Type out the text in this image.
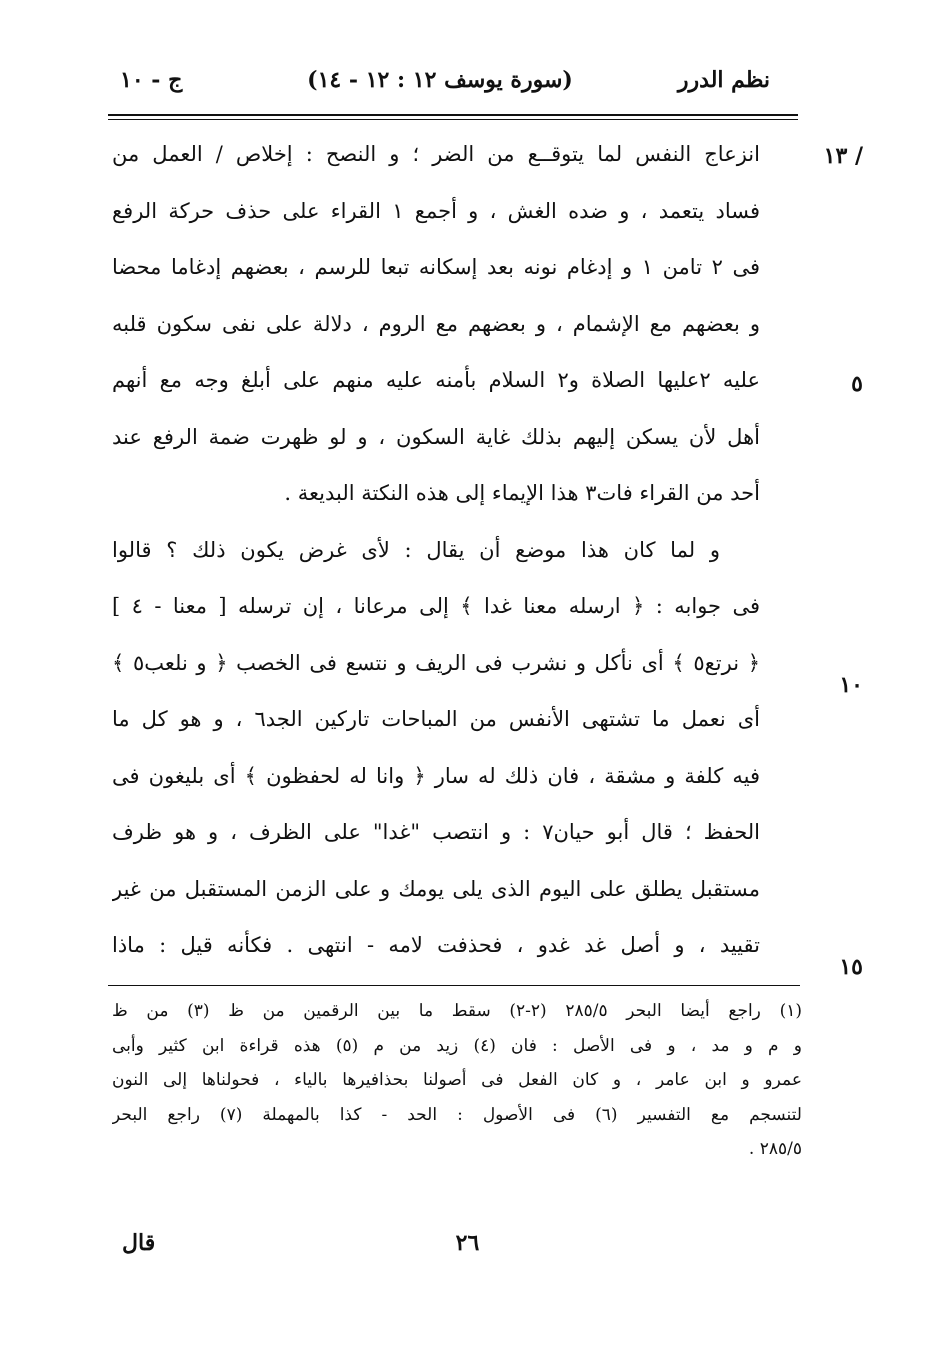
نظم الدرر
(سورة يوسف ١٢ : ١٢ - ١٤)
ج - ١٠
١٣ /
٥
١٠
١٥
انزعاج النفس لما يتوقــع من الضر ؛ و النصح : إخلاص / العمل من
فساد يتعمد ، و ضده الغش ، و أجمع ١ القراء على حذف حركة الرفع
فى ٢ تامن ١ و إدغام نونه بعد إسكانه تبعا للرسم ، بعضهم إدغاما محضا
و بعضهم مع الإشمام ، و بعضهم مع الروم ، دلالة على نفى سكون قلبه
عليه ٢عليها الصلاة و٢ السلام بأمنه عليه منهم على أبلغ وجه مع أنهم
أهل لأن يسكن إليهم بذلك غاية السكون ، و لو ظهرت ضمة الرفع عند
أحد من القراء فات٣ هذا الإيماء إلى هذه النكتة البديعة .
و لما كان هذا موضع أن يقال : لأى غرض يكون ذلك ؟ قالوا
فى جوابه : ﴿ ارسله معنا غدا ﴾ إلى مرعانا ، إن ترسله [ معنا - ٤ ]
﴿ نرتع٥ ﴾ أى نأكل و نشرب فى الريف و نتسع فى الخصب ﴿ و نلعب٥ ﴾
أى نعمل ما تشتهى الأنفس من المباحات تاركين الجد٦ ، و هو كل ما
فيه كلفة و مشقة ، فان ذلك له سار ﴿ وانا له لحفظون ﴾ أى بليغون فى
الحفظ ؛ قال أبو حيان٧ : و انتصب "غدا" على الظرف ، و هو ظرف
مستقبل يطلق على اليوم الذى يلى يومك و على الزمن المستقبل من غير
تقييد ، و أصل غد غدو ، فحذفت لامه - انتهى . فكأنه قيل : ماذا
(١) راجع أيضا البحر ٢٨٥/٥ (٢-٢) سقط ما بين الرقمين من ظ (٣) من ظ
و م و مد ، و فى الأصل : فان (٤) زيد من م (٥) هذه قراءة ابن كثير وأبى
عمرو و ابن عامر ، و كان الفعل فى أصولنا بحذافيرها بالياء ، فحولناها إلى النون
لتنسجم مع التفسير (٦) فى الأصول : الحد - كذا بالمهملة (٧) راجع البحر
٢٨٥/٥ .
٢٦
قال
